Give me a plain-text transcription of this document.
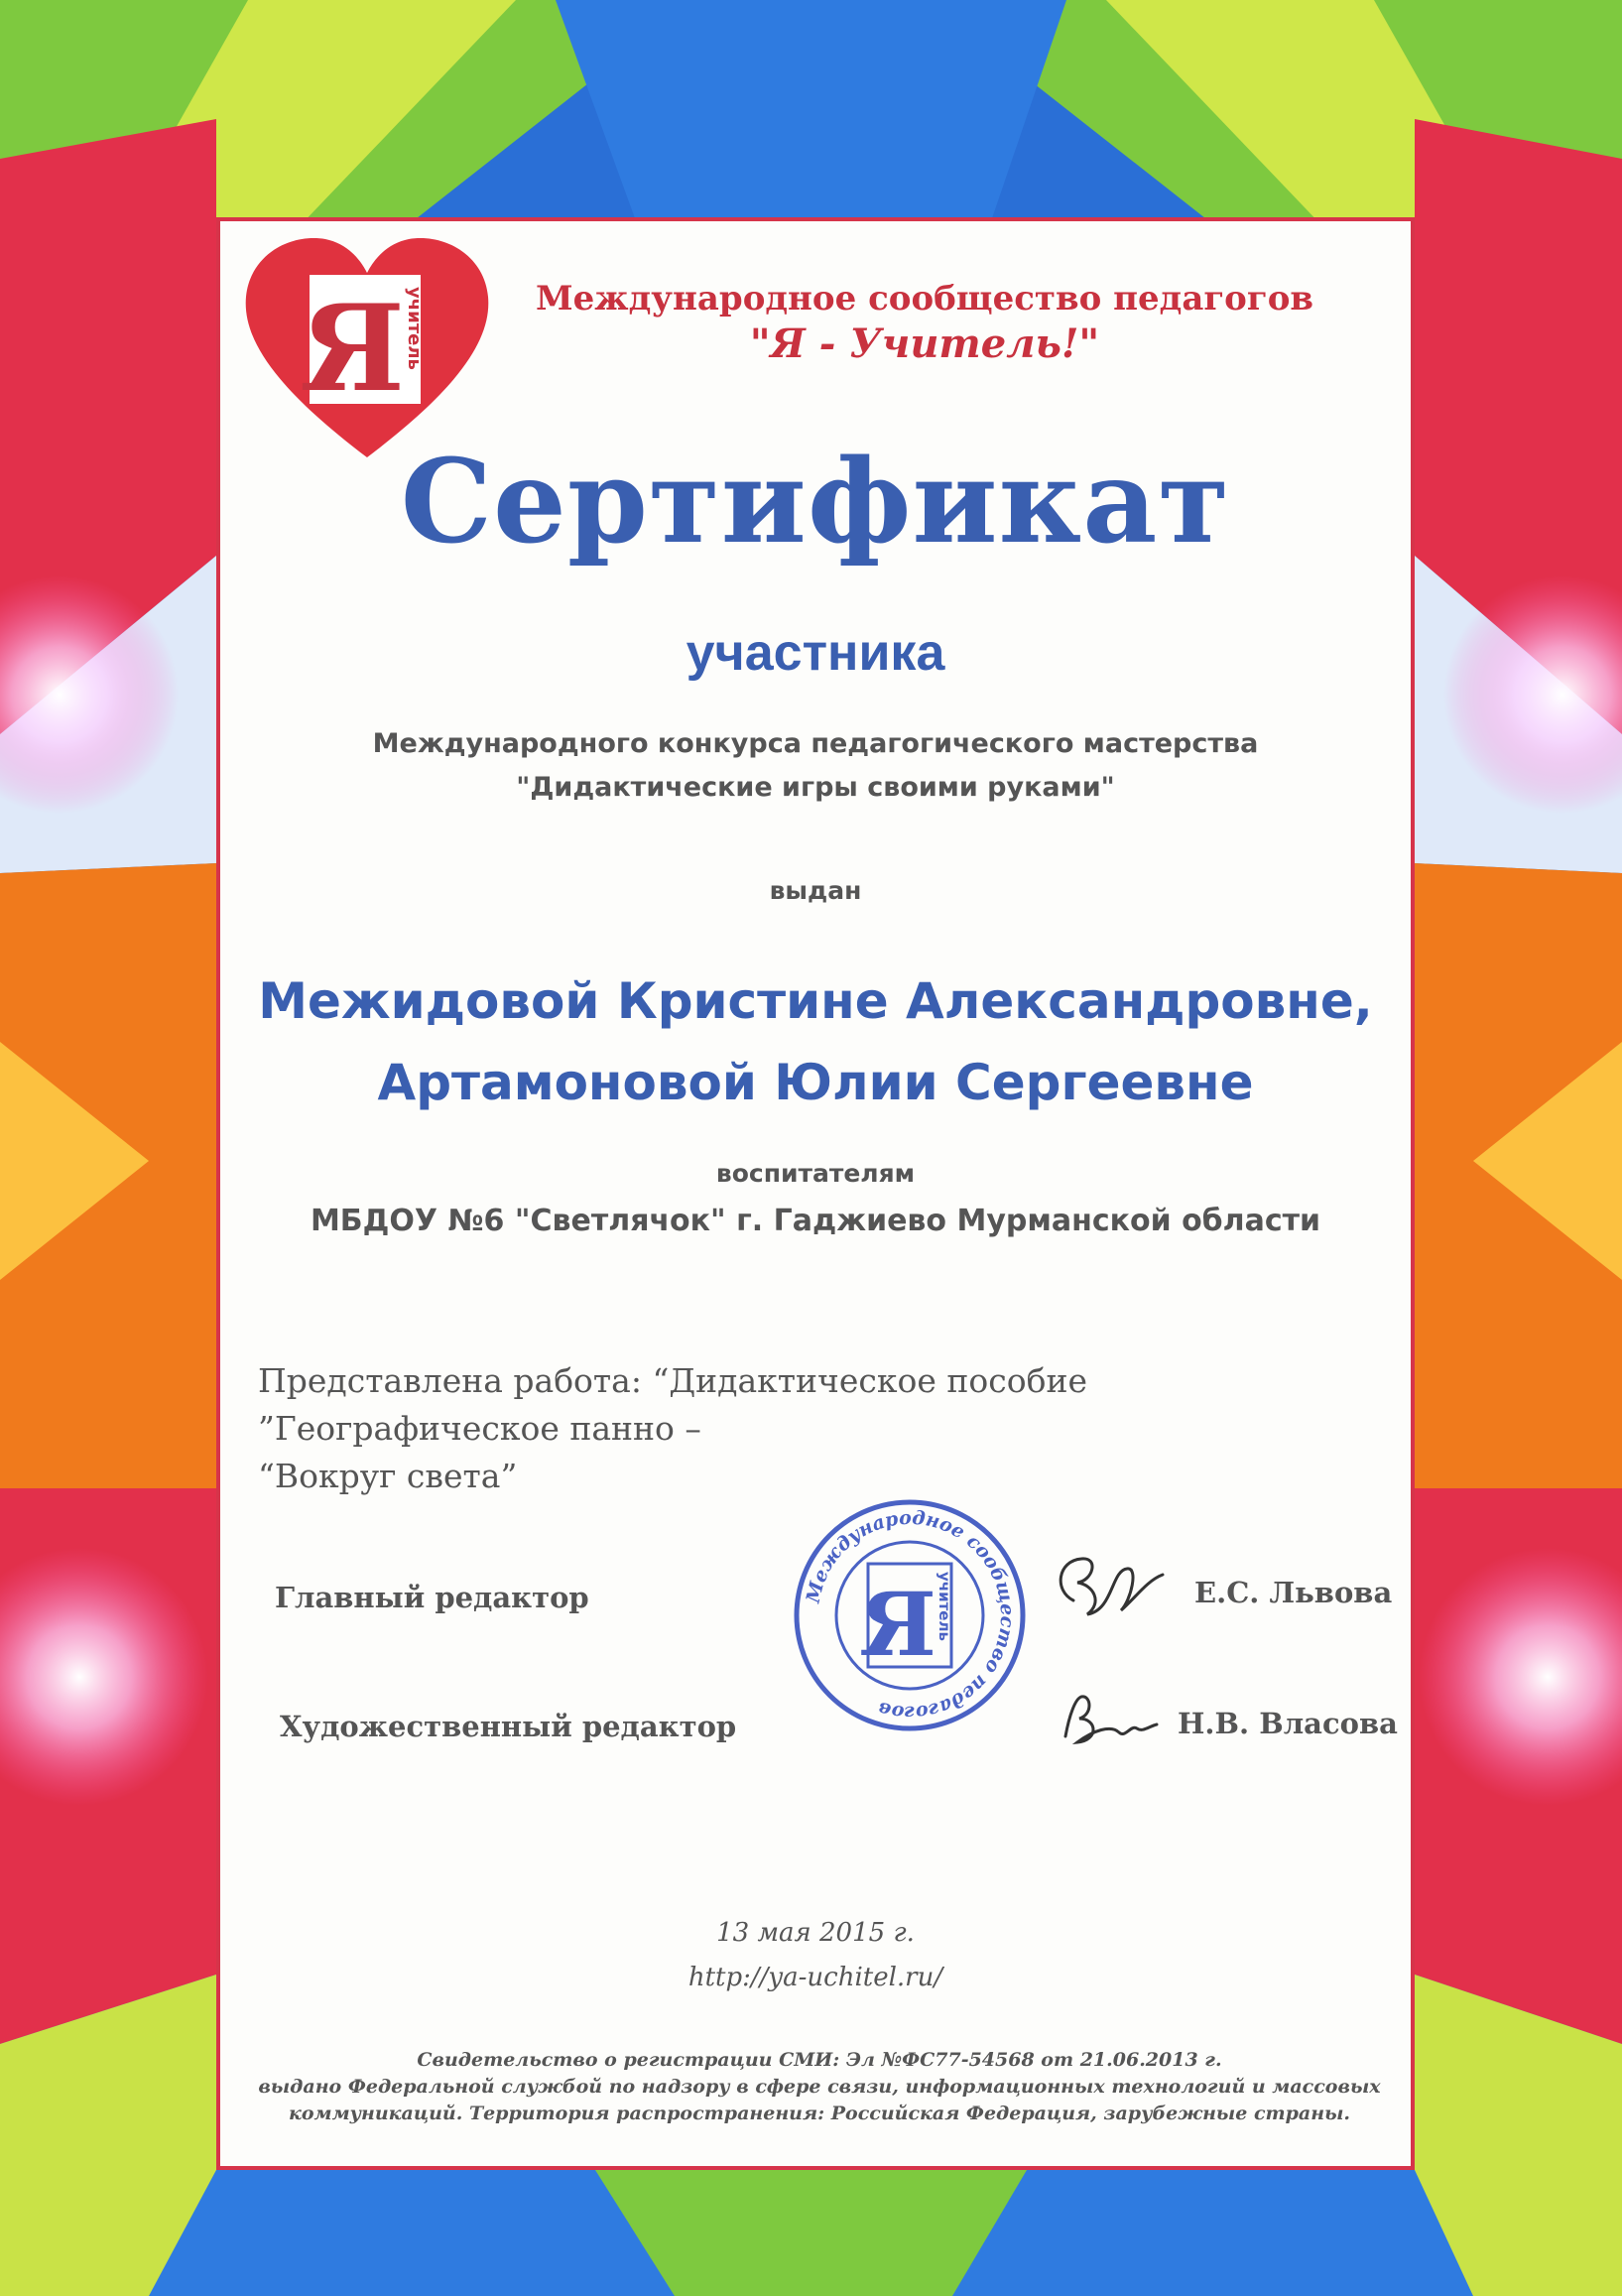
Я учитель	Международное сообщество педагогов
"Я - Учитель!"
Сертификат
участника
Международного конкурса педагогического мастерства
"Дидактические игры своими руками"
выдан
Межидовой Кристине Александровне,
Артамоновой Юлии Сергеевне
воспитателям
МБДОУ №6 "Светлячок" г. Гаджиево Мурманской области
Представлена работа: “Дидактическое пособие ”Географическое панно –
“Вокруг света”
Международное сообщество педагогов
Я учитель
Главный редактор	Е.С. Львова
Художественный редактор	Н.В. Власова
13 мая 2015 г.
http://ya-uchitel.ru/
Свидетельство о регистрации СМИ: Эл №ФС77-54568 от 21.06.2013 г.
выдано Федеральной службой по надзору в сфере связи, информационных технологий и массовых
коммуникаций. Территория распространения: Российская Федерация, зарубежные страны.
